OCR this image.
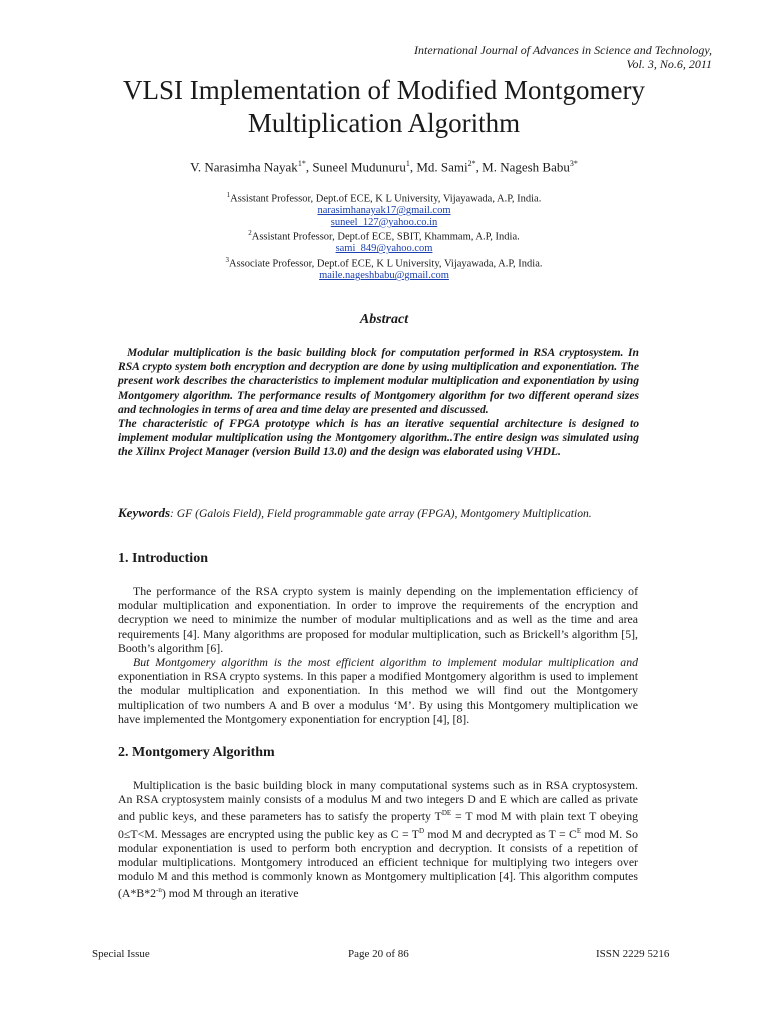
International Journal of Advances in Science and Technology,
Vol. 3, No.6, 2011
VLSI Implementation of Modified Montgomery
Multiplication Algorithm
V. Narasimha Nayak$^{1*}$, Suneel Mudunuru$^1$, Md. Sami$^{2*}$, M. Nagesh Babu$^{3*}$
$^1$Assistant Professor, Dept.of ECE, K L University, Vijayawada, A.P, India.
narasimhanayak17@gmail.com
suneel_127@yahoo.co.in
$^2$Assistant Professor, Dept.of ECE, SBIT, Khammam, A.P, India.
sami_849@yahoo.com
$^3$Associate Professor, Dept.of ECE, K L University, Vijayawada, A.P, India.
maile.nageshbabu@gmail.com
Abstract

Modular multiplication is the basic building block for computation performed in RSA cryptosystem. In RSA crypto system both encryption and decryption are done by using multiplication and exponentiation. The present work describes the characteristics to implement modular multiplication and exponentiation by using Montgomery algorithm. The performance results of Montgomery algorithm for two different operand sizes and technologies in terms of area and time delay are presented and discussed.

The characteristic of FPGA prototype which is has an iterative sequential architecture is designed to implement modular multiplication using the Montgomery algorithm..The entire design was simulated using the Xilinx Project Manager (version Build 13.0) and the design was elaborated using VHDL.

Keywords: GF (Galois Field), Field programmable gate array (FPGA), Montgomery Multiplication.
1. Introduction

The performance of the RSA crypto system is mainly depending on the implementation efficiency of modular multiplication and exponentiation. In order to improve the requirements of the encryption and decryption we need to minimize the number of modular multiplications and as well as the time and area requirements [4]. Many algorithms are proposed for modular multiplication, such as Brickell’s algorithm [5], Booth’s algorithm [6].

But Montgomery algorithm is the most efficient algorithm to implement modular multiplication and exponentiation in RSA crypto systems. In this paper a modified Montgomery algorithm is used to implement the modular multiplication and exponentiation. In this method we will find out the Montgomery multiplication of two numbers A and B over a modulus ‘M’. By using this Montgomery multiplication we have implemented the Montgomery exponentiation for encryption [4], [8].

2. Montgomery Algorithm

Multiplication is the basic building block in many computational systems such as in RSA cryptosystem. An RSA cryptosystem mainly consists of a modulus M and two integers D and E which are called as private and public keys, and these parameters has to satisfy the property $T^{DE} = T$ mod M with plain text T obeying 0≤T<M. Messages are encrypted using the public key as $C = T^D$ mod M and decrypted as $T = C^E$ mod M. So modular exponentiation is used to perform both encryption and decryption. It consists of a repetition of modular multiplications. Montgomery introduced an efficient technique for multiplying two integers over modulo M and this method is commonly known as Montgomery multiplication [4]. This algorithm computes $(A*B*2^{-n})$ mod M through an iterative

Special Issue	Page 20 of 86	ISSN 2229 5216
